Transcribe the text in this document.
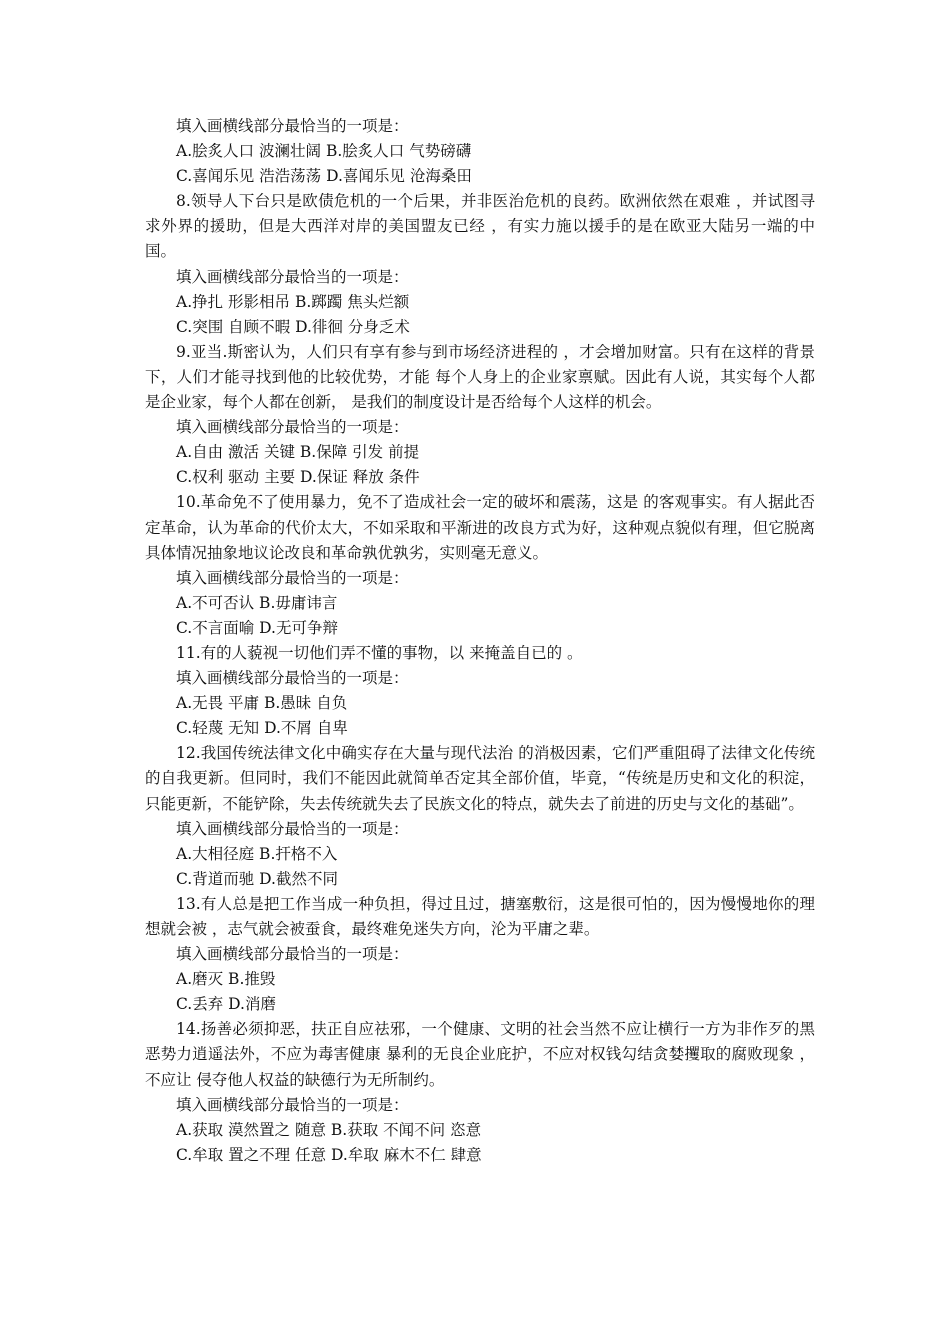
填入画横线部分最恰当的一项是：
A.脍炙人口 波澜壮阔 B.脍炙人口 气势磅礴
C.喜闻乐见 浩浩荡荡 D.喜闻乐见 沧海桑田
8.领导人下台只是欧债危机的一个后果，并非医治危机的良药。欧洲依然在艰难 ，并试图寻求外界的援助，但是大西洋对岸的美国盟友已经 ，有实力施以援手的是在欧亚大陆另一端的中国。
填入画横线部分最恰当的一项是：
A.挣扎 形影相吊 B.踯躅 焦头烂额
C.突围 自顾不暇 D.徘徊 分身乏术
9.亚当.斯密认为，人们只有享有参与到市场经济进程的 ，才会增加财富。只有在这样的背景下，人们才能寻找到他的比较优势，才能 每个人身上的企业家禀赋。因此有人说，其实每个人都是企业家，每个人都在创新， 是我们的制度设计是否给每个人这样的机会。
填入画横线部分最恰当的一项是：
A.自由 激活 关键 B.保障 引发 前提
C.权利 驱动 主要 D.保证 释放 条件
10.革命免不了使用暴力，免不了造成社会一定的破坏和震荡，这是 的客观事实。有人据此否定革命，认为革命的代价太大，不如采取和平渐进的改良方式为好，这种观点貌似有理，但它脱离具体情况抽象地议论改良和革命孰优孰劣，实则毫无意义。
填入画横线部分最恰当的一项是：
A.不可否认 B.毋庸讳言
C.不言面喻 D.无可争辩
11.有的人藐视一切他们弄不懂的事物，以 来掩盖自已的 。
填入画横线部分最恰当的一项是：
A.无畏 平庸 B.愚昧 自负
C.轻蔑 无知 D.不屑 自卑
12.我国传统法律文化中确实存在大量与现代法治 的消极因素，它们严重阻碍了法律文化传统的自我更新。但同时，我们不能因此就简单否定其全部价值，毕竟，“传统是历史和文化的积淀，只能更新，不能铲除，失去传统就失去了民族文化的特点，就失去了前进的历史与文化的基础”。
填入画横线部分最恰当的一项是：
A.大相径庭 B.扞格不入
C.背道而驰 D.截然不同
13.有人总是把工作当成一种负担，得过且过，搪塞敷衍，这是很可怕的，因为慢慢地你的理想就会被 ，志气就会被蚕食，最终难免迷失方向，沦为平庸之辈。
填入画横线部分最恰当的一项是：
A.磨灭 B.推毁
C.丢弃 D.消磨
14.扬善必须抑恶，扶正自应祛邪，一个健康、文明的社会当然不应让横行一方为非作歹的黑恶势力逍遥法外，不应为毒害健康 暴利的无良企业庇护，不应对权钱勾结贪婪攫取的腐败现象 ，不应让 侵夺他人权益的缺德行为无所制约。
填入画横线部分最恰当的一项是：
A.获取 漠然置之 随意 B.获取 不闻不问 恣意
C.牟取 置之不理 任意 D.牟取 麻木不仁 肆意
